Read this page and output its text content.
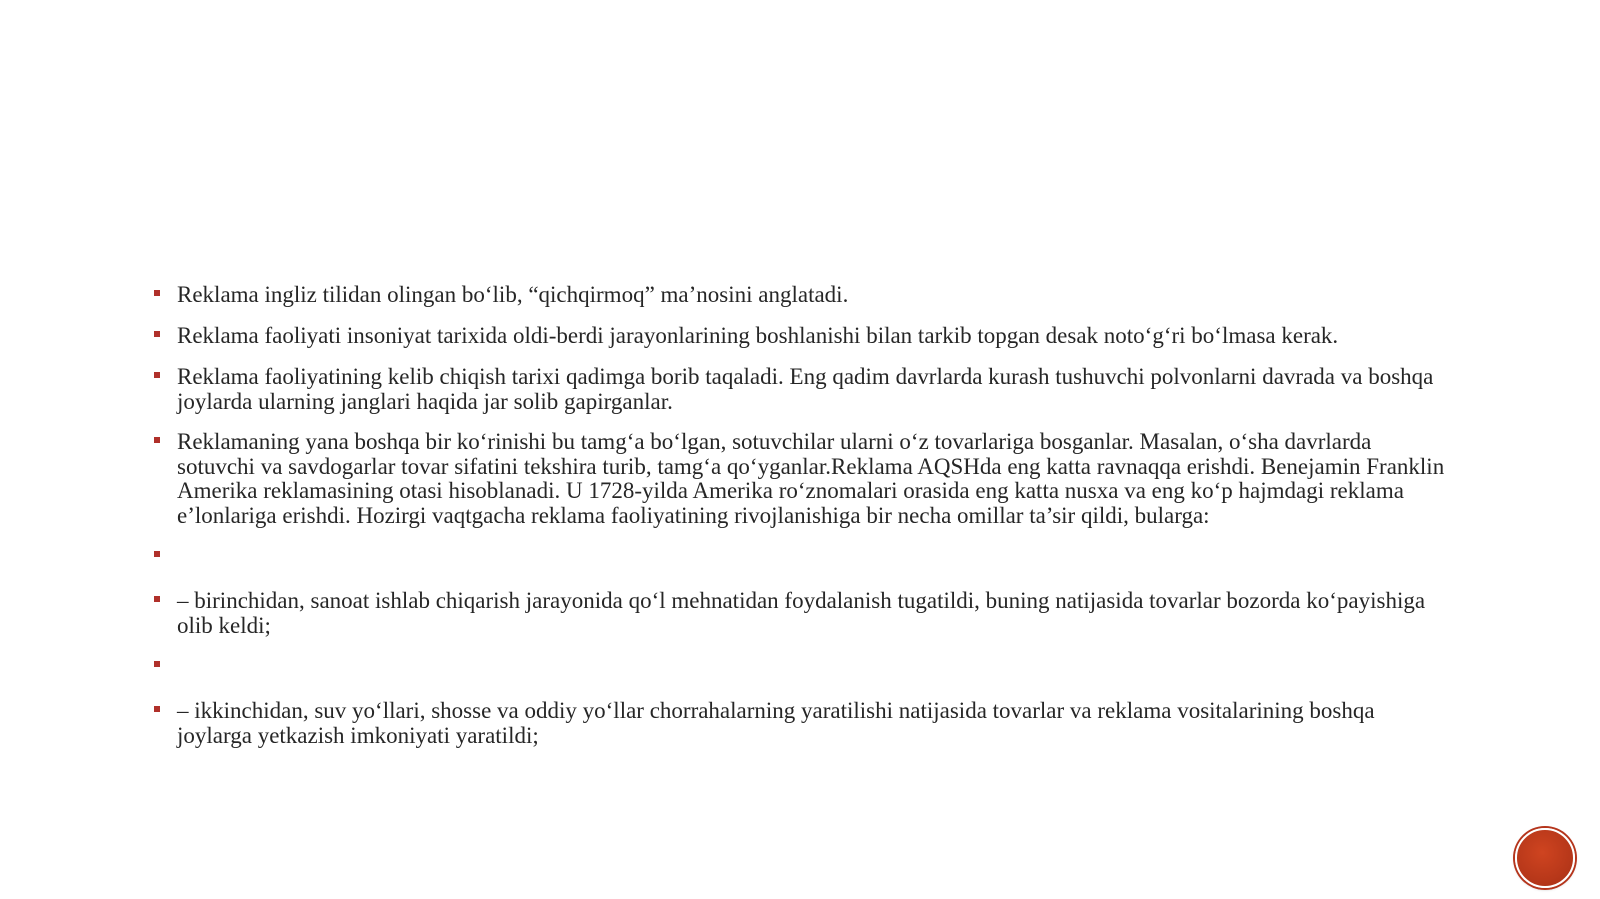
Reklama ingliz tilidan olingan bo‘lib, “qichqirmoq” ma’nosini anglatadi.
Reklama faoliyati insoniyat tarixida oldi-berdi jarayonlarining boshlanishi bilan tarkib topgan desak noto‘g‘ri bo‘lmasa kerak.
Reklama faoliyatining kelib chiqish tarixi qadimga borib taqaladi. Eng qadim davrlarda kurash tushuvchi polvonlarni davrada va boshqa joylarda ularning janglari haqida jar solib gapirganlar.
Reklamaning yana boshqa bir ko‘rinishi bu tamg‘a bo‘lgan, sotuvchilar ularni o‘z tovarlariga bosganlar. Masalan, o‘sha davrlarda sotuvchi va savdogarlar tovar sifatini tekshira turib, tamg‘a qo‘yganlar.Reklama AQSHda eng katta ravnaqqa erishdi. Benejamin Franklin Amerika reklamasining otasi hisoblanadi. U 1728-yilda Amerika ro‘znomalari orasida eng katta nusxa va eng ko‘p hajmdagi reklama e’lonlariga erishdi. Hozirgi vaqtgacha reklama faoliyatining rivojlanishiga bir necha omillar ta’sir qildi, bularga:
– birinchidan, sanoat ishlab chiqarish jarayonida qo‘l mehnatidan foydalanish tugatildi, buning natijasida tovarlar bozorda ko‘payishiga olib keldi;
– ikkinchidan, suv yo‘llari, shosse va oddiy yo‘llar chorrahalarning yaratilishi natijasida tovarlar va reklama vositalarining boshqa joylarga yetkazish imkoniyati yaratildi;
